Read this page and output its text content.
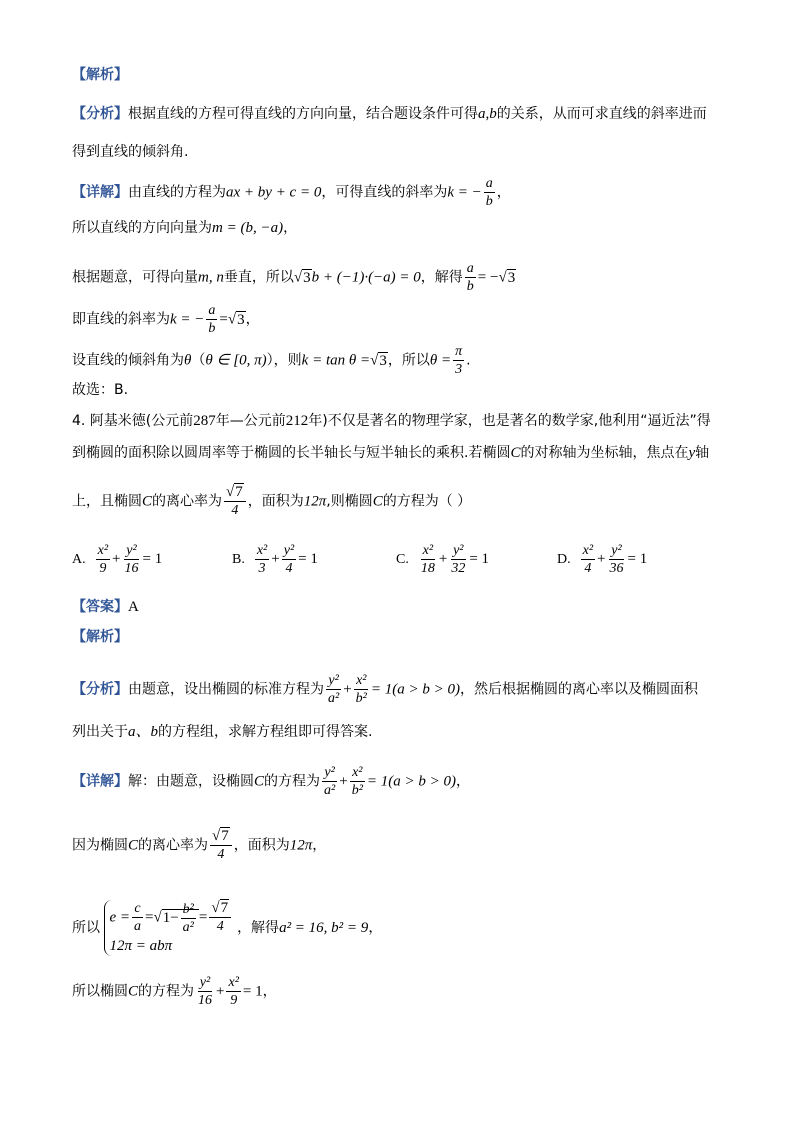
【解析】
【分析】根据直线的方程可得直线的方向向量，结合题设条件可得a,b的关系，从而可求直线的斜率进而
得到直线的倾斜角.
【详解】由直线的方程为ax + by + c = 0，可得直线的斜率为k = − $\frac{a}{b}$ ，
所以直线的方向向量为m = (b, −a)，
根据题意，可得向量m, n垂直，所以√3b + (−1)·(−a) = 0，解得 $\frac{a}{b} = -√3$
即直线的斜率为k = − $\frac{a}{b} =√3$，
设直线的倾斜角为θ（θ ∈ [0, π)），则k = tan θ =√3，所以$\theta = \frac{\pi}{3}$ .
故选：B.
4. 阿基米德(公元前287年—公元前212年)不仅是著名的物理学家，也是著名的数学家,他利用“逼近法”得
到椭圆的面积除以圆周率等于椭圆的长半轴长与短半轴长的乘积.若椭圆C的对称轴为坐标轴，焦点在y轴
上，且椭圆C的离心率为 $\frac{√7}{4}$ ，面积为12π,则椭圆C的方程为（ ）
A. $\frac{\text{x²}}{9} + \frac{\text{y²}}{16} = 1$	B. $\frac{\text{x²}}{3} + \frac{\text{y²}}{4} = 1$	C. $\frac{\text{x²}}{18} + \frac{\text{y²}}{32} = 1$	D. $\frac{\text{x²}}{4} + \frac{\text{y²}}{36} = 1$
【答案】A
【解析】
【分析】由题意，设出椭圆的标准方程为 $\frac{\text{y²}}{\text{a²}} + \frac{\text{x²}}{\text{b²}} = 1(a > b > 0)$，然后根据椭圆的离心率以及椭圆面积
列出关于a、b的方程组，求解方程组即可得答案.
【详解】解：由题意，设椭圆C的方程为 $\frac{\text{y²}}{\text{a²}} + \frac{\text{x²}}{\text{b²}} = 1(a > b > 0)$，
因为椭圆C的离心率为 $\frac{√7}{4}$ ，面积为12π，
所以
$e = \frac{c}{a} =√1- \frac{\text{b²}}{\text{a²}} = \frac{√7}{4}$
12π = abπ
，解得a² = 16, b² = 9，
所以椭圆C的方程为 $\frac{\text{y²}}{16} + \frac{\text{x²}}{9} = 1$，
